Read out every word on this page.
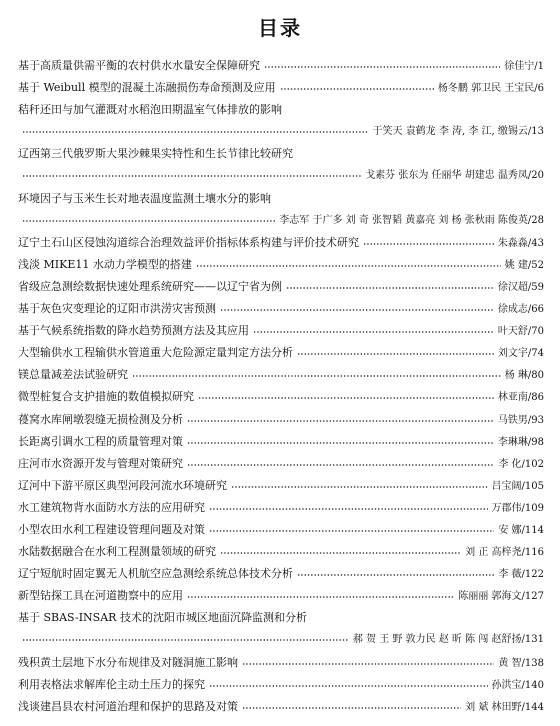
目录
基于高质量供需平衡的农村供水水量安全保障研究	徐佳宁 /1
基于 Weibull 模型的混凝土冻融损伤寿命预测及应用	杨冬鹏 郭卫民 王宝民 /6
秸秆还田与加气灌溉对水稻泡田期温室气体排放的影响
于笑天 袁鹤龙 李 涛, 李 江, 缴锡云 /13
辽西第三代俄罗斯大果沙棘果实特性和生长节律比较研究
戈素芬 张东为 任丽华 胡建忠 温秀凤 /20
环境因子与玉米生长对地表温度监测土壤水分的影响
李志军 于广多 刘 奇 张智韬 黄嘉亮 刘 杨 张秋雨 陈俊英 /28
辽宁土石山区侵蚀沟道综合治理效益评价指标体系构建与评价技术研究	朱淼淼 /43
浅淡 MIKE11 水动力学模型的搭建	姚 建 /52
省级应急测绘数据快速处理系统研究——以辽宁省为例	徐汉超 /59
基于灰色灾变理论的辽阳市洪涝灾害预测	徐成志 /66
基于气候系统指数的降水趋势预测方法及其应用	叶天舒 /70
大型输供水工程输供水管道重大危险源定量判定方法分析	刘文宇 /74
镁总量减差法试验研究	杨 琳 /80
微型桩复合支护措施的数值模拟研究	林亚南 /86
葠窝水库闸墩裂缝无损检测及分析	马铁男 /93
长距离引调水工程的质量管理对策	李琳琳 /98
庄河市水资源开发与管理对策研究	李 化 /102
辽河中下游平原区典型河段河流水环境研究	吕宝阔 /105
水工建筑物背水面防水方法的应用研究	万郡伟 /109
小型农田水利工程建设管理问题及对策	安 娜 /114
水陆数据融合在水利工程测量领域的研究	刘 正 高梓尧 /116
辽宁短航时固定翼无人机航空应急测绘系统总体技术分析	李 薇 /122
新型钻探工具在河道勘察中的应用	陈丽丽 郭海文 /127
基于 SBAS-INSAR 技术的沈阳市城区地面沉降监测和分析
郝 贺 王 野 敦力民 赵 昕 陈 闯 赵舒扬 /131
残积黄土层地下水分布规律及对隧洞施工影响	黄 智 /138
利用表格法求解库伦主动土压力的探究	孙洪宝 /140
浅谈建昌县农村河道治理和保护的思路及对策	刘 斌 林田野 /144
